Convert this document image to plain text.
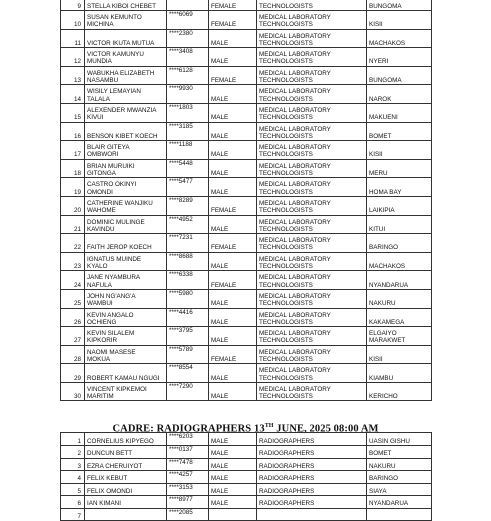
9	STELLA KIBOI CHEBET		FEMALE	TECHNOLOGISTS	BUNGOMA
10	SUSAN KEMUNTO
MICHINA	****6069	FEMALE	MEDICAL LABORATORY
TECHNOLOGISTS	KISII
11	VICTOR IKUTA MUTUA	****2380	MALE	MEDICAL LABORATORY
TECHNOLOGISTS	MACHAKOS
12	VICTOR KAMUNYU
MUNDIA	****3408	MALE	MEDICAL LABORATORY
TECHNOLOGISTS	NYERI
13	WABUKHA ELIZABETH
NASAMBU	****6128	FEMALE	MEDICAL LABORATORY
TECHNOLOGISTS	BUNGOMA
14	WISILY LEMAYIAN
TALALA	****9930	MALE	MEDICAL LABORATORY
TECHNOLOGISTS	NAROK
15	ALEXENDER MWANZIA
KIVUI	****1803	MALE	MEDICAL LABORATORY
TECHNOLOGISTS	MAKUENI
16	BENSON KIBET KOECH	****3185	MALE	MEDICAL LABORATORY
TECHNOLOGISTS	BOMET
17	BLAIR GITEYA
OMBWORI	****1188	MALE	MEDICAL LABORATORY
TECHNOLOGISTS	KISII
18	BRIAN MURUIKI
GITONGA	****5448	MALE	MEDICAL LABORATORY
TECHNOLOGISTS	MERU
19	CASTRO OKINYI
OMONDI	****5477	MALE	MEDICAL LABORATORY
TECHNOLOGISTS	HOMA BAY
20	CATHERINE WANJIKU
WAHOME	****8289	FEMALE	MEDICAL LABORATORY
TECHNOLOGISTS	LAIKIPIA
21	DOMINIC MULINGE
KAVINDU	****4952	MALE	MEDICAL LABORATORY
TECHNOLOGISTS	KITUI
22	FAITH JEROP KOECH	****7231	FEMALE	MEDICAL LABORATORY
TECHNOLOGISTS	BARINGO
23	IGNATUS MUINDE
KYALO	****8688	MALE	MEDICAL LABORATORY
TECHNOLOGISTS	MACHAKOS
24	JANE NYAMBURA
NAFULA	****6338	FEMALE	MEDICAL LABORATORY
TECHNOLOGISTS	NYANDARUA
25	JOHN NG'ANG'A
WAMBUI	****5980	MALE	MEDICAL LABORATORY
TECHNOLOGISTS	NAKURU
26	KEVIN ANGALO
OCHIENG	****4416	MALE	MEDICAL LABORATORY
TECHNOLOGISTS	KAKAMEGA
27	KEVIN SILALEM
KIPKORIR	****3795	MALE	MEDICAL LABORATORY
TECHNOLOGISTS	ELGAIYO
MARAKWET
28	NAOMI MASESE
MOKUA	****5789	FEMALE	MEDICAL LABORATORY
TECHNOLOGISTS	KISII
29	ROBERT KAMAU NGUGI	****8554	MALE	MEDICAL LABORATORY
TECHNOLOGISTS	KIAMBU
30	VINCENT KIPKEMOI
MARITIM	****7290	MALE	MEDICAL LABORATORY
TECHNOLOGISTS	KERICHO
CADRE: RADIOGRAPHERS 13TH JUNE, 2025 08:00 AM
1	CORNELIUS KIPYEGO	****6203	MALE	RADIOGRAPHERS	UASIN GISHU
2	DUNCUN BETT	****0137	MALE	RADIOGRAPHERS	BOMET
3	EZRA CHERUIYOT	****7478	MALE	RADIOGRAPHERS	NAKURU
4	FELIX KEBUT	****4257	MALE	RADIOGRAPHERS	BARINGO
5	FELIX OMONDI	****3153	MALE	RADIOGRAPHERS	SIAYA
6	IAN KIMANI	****8977	MALE	RADIOGRAPHERS	NYANDARUA
7		****2085			
